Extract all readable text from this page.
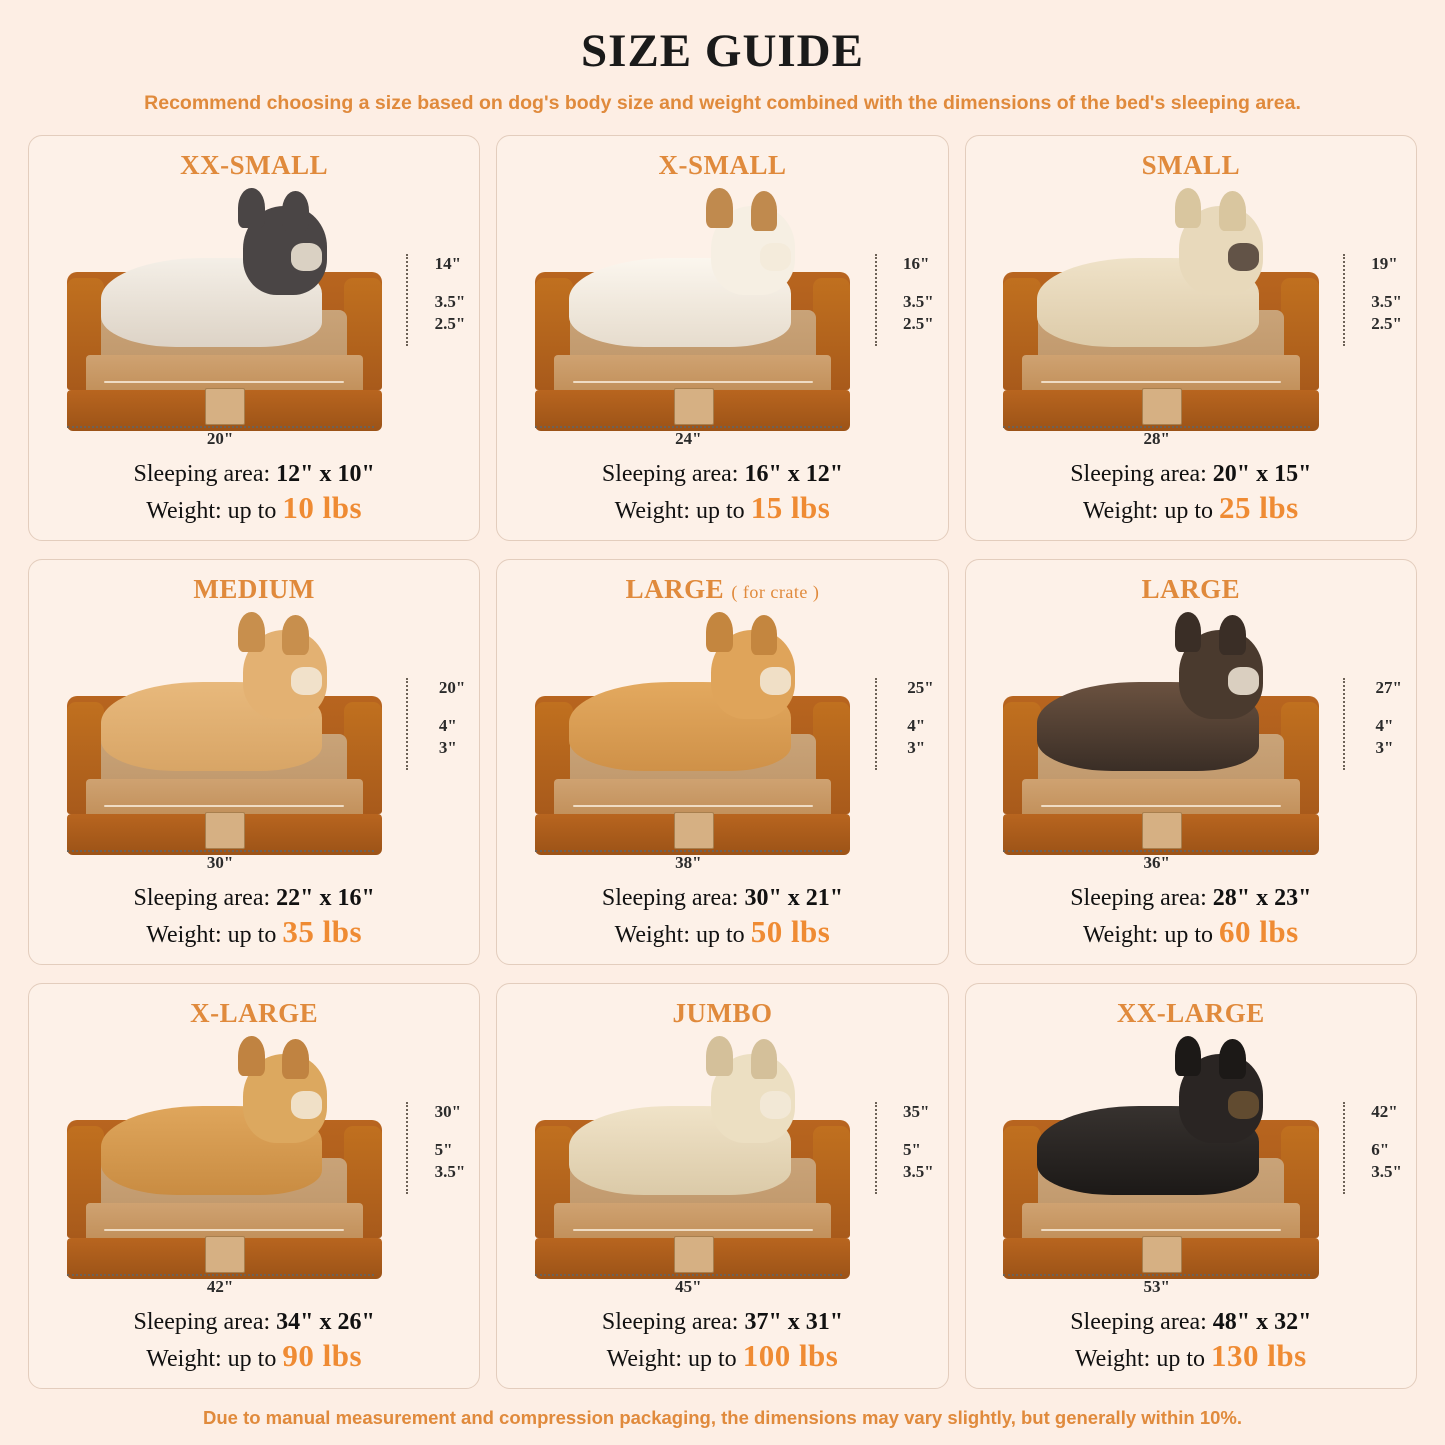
SIZE GUIDE
Recommend choosing a size based on dog's body size and weight combined with the dimensions of the bed's sleeping area.
XX-SMALL
14"
3.5"
2.5"
20"
Sleeping area: 12" x 10"
Weight: up to 10 lbs
X-SMALL
16"
3.5"
2.5"
24"
Sleeping area: 16" x 12"
Weight: up to 15 lbs
SMALL
19"
3.5"
2.5"
28"
Sleeping area: 20" x 15"
Weight: up to 25 lbs
MEDIUM
20"
4"
3"
30"
Sleeping area: 22" x 16"
Weight: up to 35 lbs
LARGE ( for crate )
25"
4"
3"
38"
Sleeping area: 30" x 21"
Weight: up to 50 lbs
LARGE
27"
4"
3"
36"
Sleeping area: 28" x 23"
Weight: up to 60 lbs
X-LARGE
30"
5"
3.5"
42"
Sleeping area: 34" x 26"
Weight: up to 90 lbs
JUMBO
35"
5"
3.5"
45"
Sleeping area: 37" x 31"
Weight: up to 100 lbs
XX-LARGE
42"
6"
3.5"
53"
Sleeping area: 48" x 32"
Weight: up to 130 lbs
Due to manual measurement and compression packaging, the dimensions may vary slightly, but generally within 10%.
